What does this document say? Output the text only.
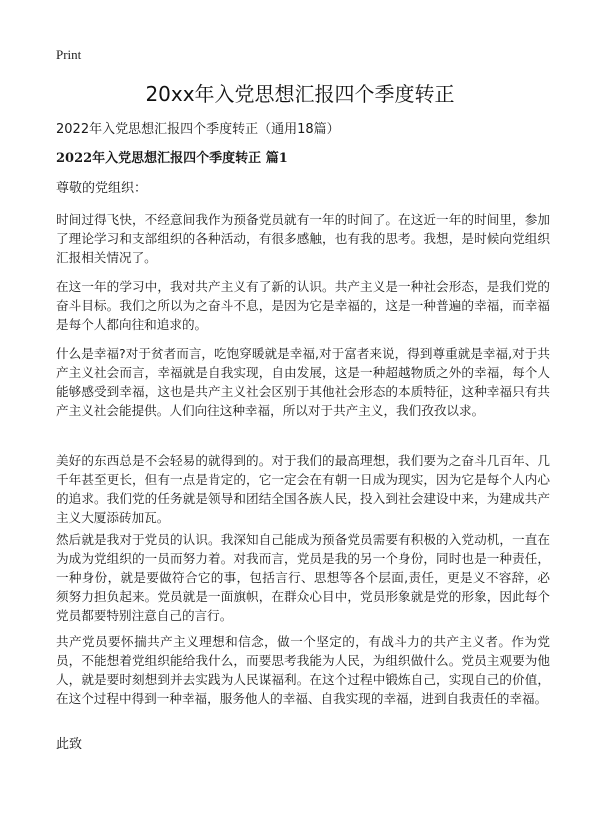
Print
20xx年入党思想汇报四个季度转正
2022年入党思想汇报四个季度转正（通用18篇）
2022年入党思想汇报四个季度转正 篇1
尊敬的党组织：

时间过得飞快，不经意间我作为预备党员就有一年的时间了。在这近一年的时间里，参加了理论学习和支部组织的各种活动，有很多感触，也有我的思考。我想，是时候向党组织汇报相关情况了。

在这一年的学习中，我对共产主义有了新的认识。共产主义是一种社会形态，是我们党的奋斗目标。我们之所以为之奋斗不息，是因为它是幸福的，这是一种普遍的幸福，而幸福是每个人都向往和追求的。

什么是幸福?对于贫者而言，吃饱穿暖就是幸福,对于富者来说，得到尊重就是幸福,对于共产主义社会而言，幸福就是自我实现，自由发展，这是一种超越物质之外的幸福，每个人能够感受到幸福，这也是共产主义社会区别于其他社会形态的本质特征，这种幸福只有共产主义社会能提供。人们向往这种幸福，所以对于共产主义，我们孜孜以求。

美好的东西总是不会轻易的就得到的。对于我们的最高理想，我们要为之奋斗几百年、几千年甚至更长，但有一点是肯定的，它一定会在有朝一日成为现实，因为它是每个人内心的追求。我们党的任务就是领导和团结全国各族人民，投入到社会建设中来，为建成共产主义大厦添砖加瓦。

然后就是我对于党员的认识。我深知自己能成为预备党员需要有积极的入党动机，一直在为成为党组织的一员而努力着。对我而言，党员是我的另一个身份，同时也是一种责任，一种身份，就是要做符合它的事，包括言行、思想等各个层面,责任，更是义不容辞，必须努力担负起来。党员就是一面旗帜，在群众心目中，党员形象就是党的形象，因此每个党员都要特别注意自己的言行。

共产党员要怀揣共产主义理想和信念，做一个坚定的，有战斗力的共产主义者。作为党员，不能想着党组织能给我什么，而要思考我能为人民，为组织做什么。党员主观要为他人，就是要时刻想到并去实践为人民谋福利。在这个过程中锻炼自己，实现自己的价值，在这个过程中得到一种幸福，服务他人的幸福、自我实现的幸福，进到自我责任的幸福。

此致
